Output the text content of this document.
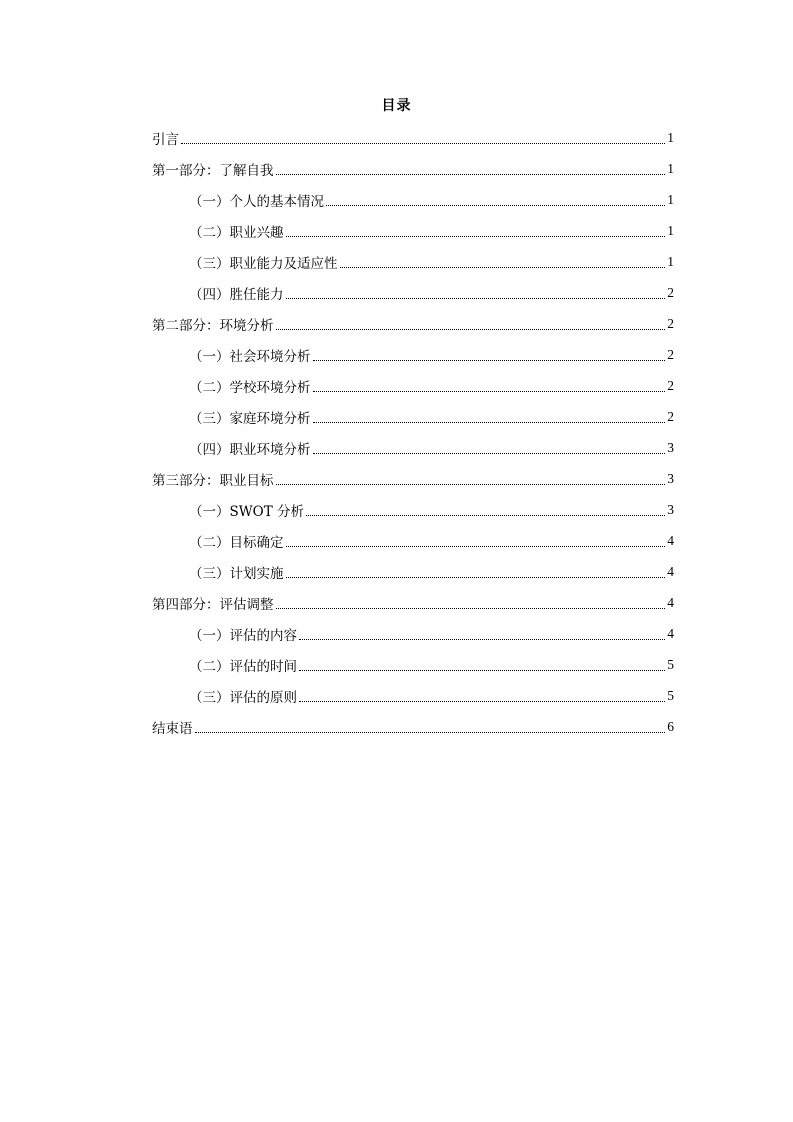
目录
引言	1
第一部分：了解自我	1
（一）个人的基本情况	1
（二）职业兴趣	1
（三）职业能力及适应性	1
（四）胜任能力	2
第二部分：环境分析	2
（一）社会环境分析	2
（二）学校环境分析	2
（三）家庭环境分析	2
（四）职业环境分析	3
第三部分：职业目标	3
（一）SWOT 分析	3
（二）目标确定	4
（三）计划实施	4
第四部分：评估调整	4
（一）评估的内容	4
（二）评估的时间	5
（三）评估的原则	5
结束语	6
